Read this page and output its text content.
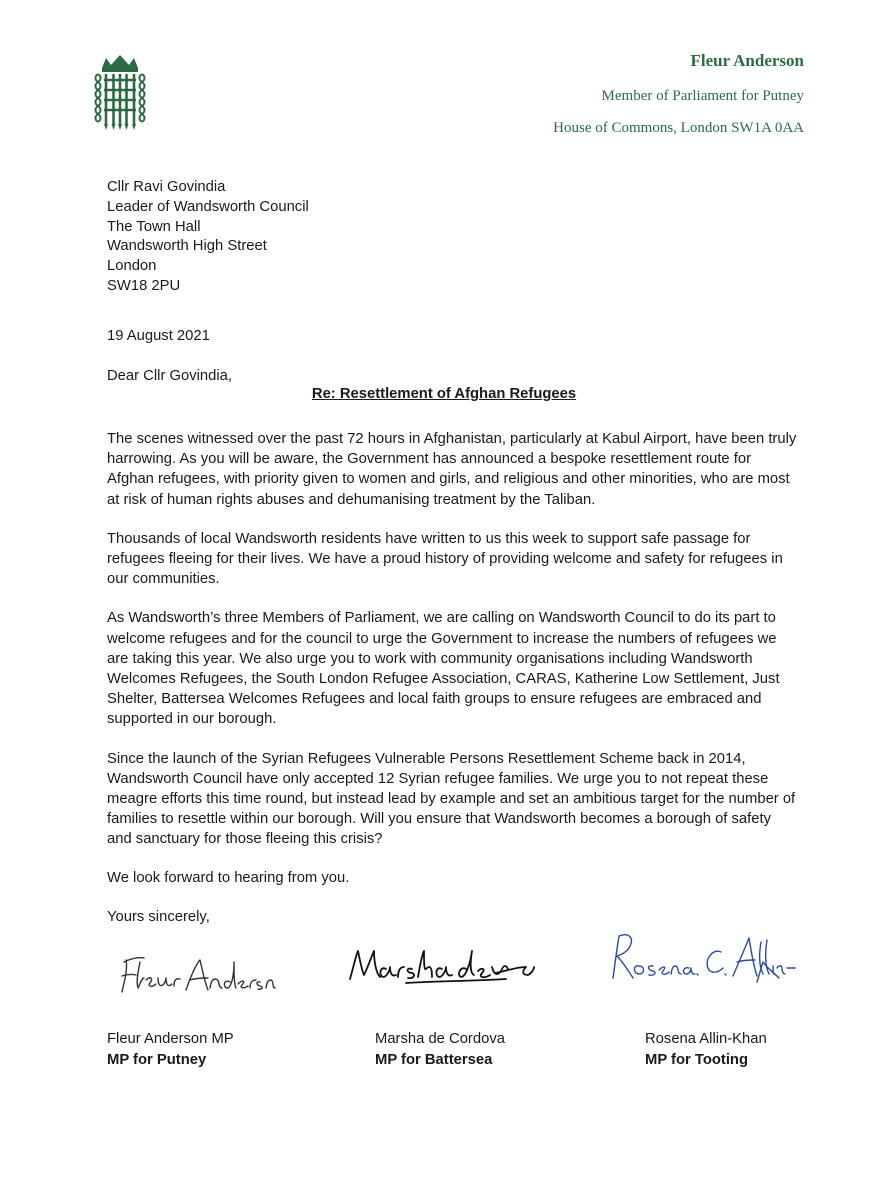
Fleur Anderson
Member of Parliament for Putney
House of Commons, London SW1A 0AA
Cllr Ravi Govindia
Leader of Wandsworth Council
The Town Hall
Wandsworth High Street
London
SW18 2PU
19 August 2021
Dear Cllr Govindia,
Re: Resettlement of Afghan Refugees

The scenes witnessed over the past 72 hours in Afghanistan, particularly at Kabul Airport, have been truly harrowing. As you will be aware, the Government has announced a bespoke resettlement route for Afghan refugees, with priority given to women and girls, and religious and other minorities, who are most at risk of human rights abuses and dehumanising treatment by the Taliban.

Thousands of local Wandsworth residents have written to us this week to support safe passage for refugees fleeing for their lives. We have a proud history of providing welcome and safety for refugees in our communities.

As Wandsworth’s three Members of Parliament, we are calling on Wandsworth Council to do its part to welcome refugees and for the council to urge the Government to increase the numbers of refugees we are taking this year. We also urge you to work with community organisations including Wandsworth Welcomes Refugees, the South London Refugee Association, CARAS, Katherine Low Settlement, Just Shelter, Battersea Welcomes Refugees and local faith groups to ensure refugees are embraced and supported in our borough.

Since the launch of the Syrian Refugees Vulnerable Persons Resettlement Scheme back in 2014, Wandsworth Council have only accepted 12 Syrian refugee families. We urge you to not repeat these meagre efforts this time round, but instead lead by example and set an ambitious target for the number of families to resettle within our borough. Will you ensure that Wandsworth becomes a borough of safety and sanctuary for those fleeing this crisis?

We look forward to hearing from you.
Yours sincerely,
Fleur Anderson MP
MP for Putney
Marsha de Cordova
MP for Battersea
Rosena Allin-Khan
MP for Tooting
